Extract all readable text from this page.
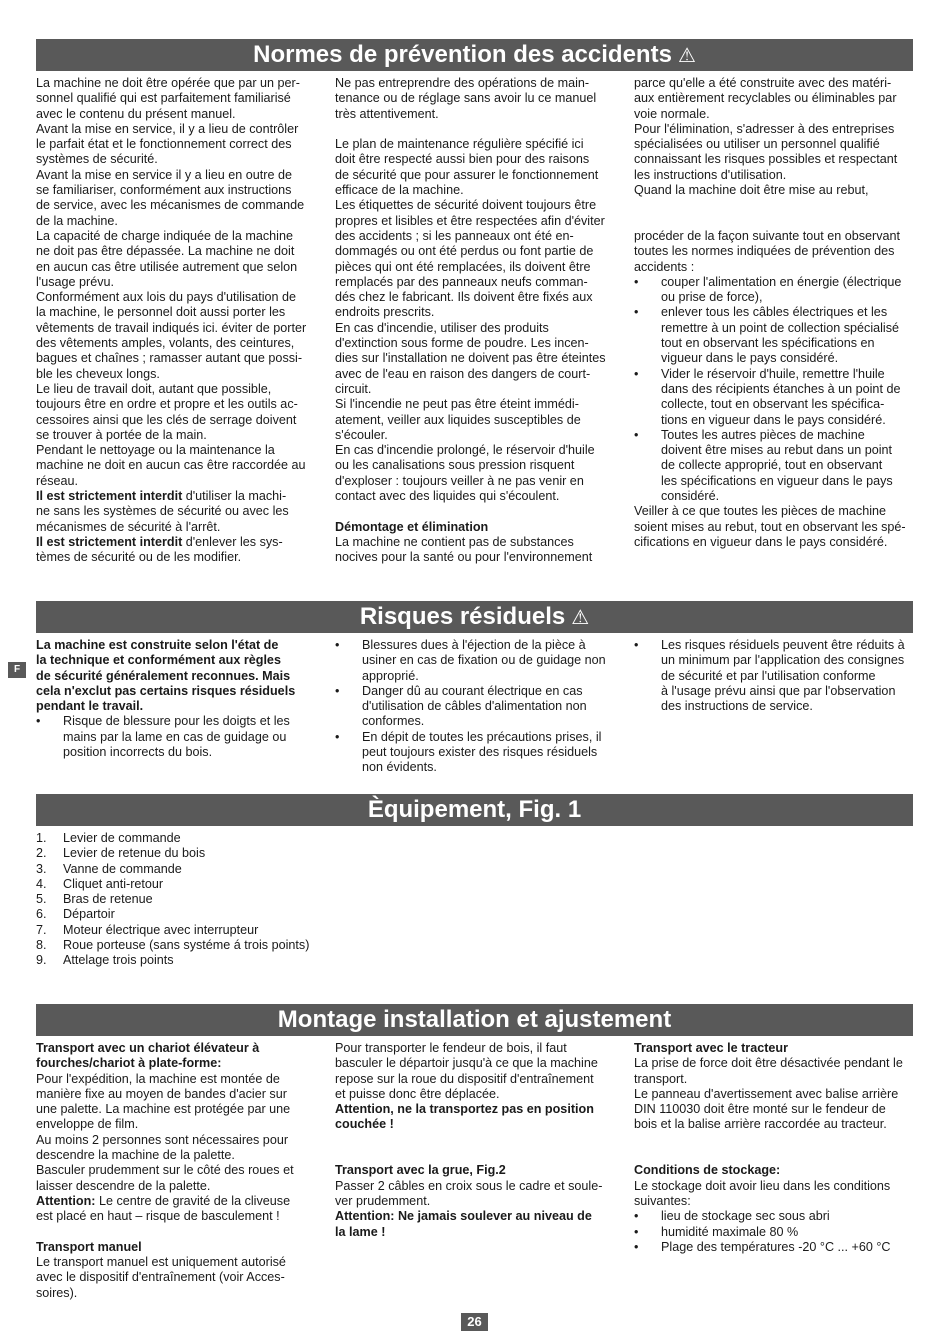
Normes de prévention des accidents ⚠

La machine ne doit être opérée que par un per-

sonnel qualifié qui est parfaitement familiarisé

avec le contenu du présent manuel.

Avant la mise en service, il y a lieu de contrôler

le parfait état et le fonctionnement correct des

systèmes de sécurité.

Avant la mise en service il y a lieu en outre de

se familiariser, conformément aux instructions

de service, avec les mécanismes de commande

de la machine.

La capacité de charge indiquée de la machine

ne doit pas être dépassée. La machine ne doit

en aucun cas être utilisée autrement que selon

l'usage prévu.

Conformément aux lois du pays d'utilisation de

la machine, le personnel doit aussi porter les

vêtements de travail indiqués ici. éviter de porter

des vêtements amples, volants, des ceintures,

bagues et chaînes ; ramasser autant que possi-

ble les cheveux longs.

Le lieu de travail doit, autant que possible,

toujours être en ordre et propre et les outils ac-

cessoires ainsi que les clés de serrage doivent

se trouver à portée de la main.

Pendant le nettoyage ou la maintenance la

machine ne doit en aucun cas être raccordée au

réseau.

Il est strictement interdit d'utiliser la machi-

ne sans les systèmes de sécurité ou avec les

mécanismes de sécurité à l'arrêt.

Il est strictement interdit d'enlever les sys-

tèmes de sécurité ou de les modifier.

Ne pas entreprendre des opérations de main-

tenance ou de réglage sans avoir lu ce manuel

très attentivement.

Le plan de maintenance régulière spécifié ici

doit être respecté aussi bien pour des raisons

de sécurité que pour assurer le fonctionnement

efficace de la machine.

Les étiquettes de sécurité doivent toujours être

propres et lisibles et être respectées afin d'éviter

des accidents ; si les panneaux ont été en-

dommagés ou ont été perdus ou font partie de

pièces qui ont été remplacées, ils doivent être

remplacés par des panneaux neufs comman-

dés chez le fabricant. Ils doivent être fixés aux

endroits prescrits.

En cas d'incendie, utiliser des produits

d'extinction sous forme de poudre. Les incen-

dies sur l'installation ne doivent pas être éteintes

avec de l'eau en raison des dangers de court-

circuit.

Si l'incendie ne peut pas être éteint immédi-

atement, veiller aux liquides susceptibles de

s'écouler.

En cas d'incendie prolongé, le réservoir d'huile

ou les canalisations sous pression risquent

d'exploser : toujours veiller à ne pas venir en

contact avec des liquides qui s'écoulent.

Démontage et élimination

La machine ne contient pas de substances

nocives pour la santé ou pour l'environnement

parce qu'elle a été construite avec des matéri-

aux entièrement recyclables ou éliminables par

voie normale.

Pour l'élimination, s'adresser à des entreprises

spécialisées ou utiliser un personnel qualifié

connaissant les risques possibles et respectant

les instructions d'utilisation.

Quand la machine doit être mise au rebut,

procéder de la façon suivante tout en observant

toutes les normes indiquées de prévention des

accidents :

• couper l'alimentation en énergie (électrique

ou prise de force),

• enlever tous les câbles électriques et les

remettre à un point de collection spécialisé

tout en observant les spécifications en

vigueur dans le pays considéré.

• Vider le réservoir d'huile, remettre l'huile

dans des récipients étanches à un point de

collecte, tout en observant les spécifica-

tions en vigueur dans le pays considéré.

• Toutes les autres pièces de machine

doivent être mises au rebut dans un point

de collecte approprié, tout en observant

les spécifications en vigueur dans le pays

considéré.

Veiller à ce que toutes les pièces de machine

soient mises au rebut, tout en observant les spé-

cifications en vigueur dans le pays considéré.

Risques résiduels ⚠
F

La machine est construite selon l'état de

la technique et conformément aux règles

de sécurité généralement reconnues. Mais

cela n'exclut pas certains risques résiduels

pendant le travail.

• Risque de blessure pour les doigts et les

mains par la lame en cas de guidage ou

position incorrects du bois.

• Blessures dues à l'éjection de la pièce à

usiner en cas de fixation ou de guidage non

approprié.

• Danger dû au courant électrique en cas

d'utilisation de câbles d'alimentation non

conformes.

• En dépit de toutes les précautions prises, il

peut toujours exister des risques résiduels

non évidents.

• Les risques résiduels peuvent être réduits à

un minimum par l'application des consignes

de sécurité et par l'utilisation conforme

à l'usage prévu ainsi que par l'observation

des instructions de service.

Èquipement, Fig. 1
1. Levier de commande
2. Levier de retenue du bois
3. Vanne de commande
4. Cliquet anti-retour
5. Bras de retenue
6. Départoir
7. Moteur électrique avec interrupteur
8. Roue porteuse (sans systéme á trois points)
9. Attelage trois points
Montage installation et ajustement

Transport avec un chariot élévateur à

fourches/chariot à plate-forme:

Pour l'expédition, la machine est montée de

manière fixe au moyen de bandes d'acier sur

une palette. La machine est protégée par une

enveloppe de film.

Au moins 2 personnes sont nécessaires pour

descendre la machine de la palette.

Basculer prudemment sur le côté des roues et

laisser descendre de la palette.

Attention: Le centre de gravité de la cliveuse

est placé en haut – risque de basculement !

Transport manuel

Le transport manuel est uniquement autorisé

avec le dispositif d'entraînement (voir Acces-

soires).

Pour transporter le fendeur de bois, il faut

basculer le départoir jusqu'à ce que la machine

repose sur la roue du dispositif d'entraînement

et puisse donc être déplacée.

Attention, ne la transportez pas en position

couchée !

Transport avec la grue, Fig.2

Passer 2 câbles en croix sous le cadre et soule-

ver prudemment.

Attention: Ne jamais soulever au niveau de

la lame !

Transport avec le tracteur

La prise de force doit être désactivée pendant le

transport.

Le panneau d'avertissement avec balise arrière

DIN 110030 doit être monté sur le fendeur de

bois et la balise arrière raccordée au tracteur.

Conditions de stockage:

Le stockage doit avoir lieu dans les conditions

suivantes:

• lieu de stockage sec sous abri

• humidité maximale 80 %

• Plage des températures -20 °C ... +60 °C

26
